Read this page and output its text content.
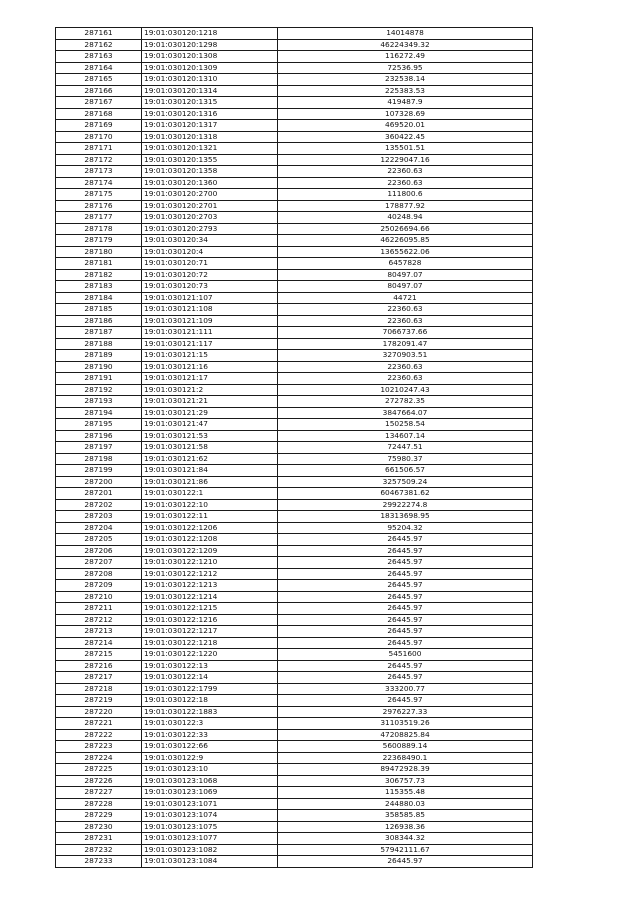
287161	19:01:030120:1218	14014878
287162	19:01:030120:1298	46224349.32
287163	19:01:030120:1308	116272.49
287164	19:01:030120:1309	72536.95
287165	19:01:030120:1310	232538.14
287166	19:01:030120:1314	225383.53
287167	19:01:030120:1315	419487.9
287168	19:01:030120:1316	107328.69
287169	19:01:030120:1317	469520.01
287170	19:01:030120:1318	360422.45
287171	19:01:030120:1321	135501.51
287172	19:01:030120:1355	12229047.16
287173	19:01:030120:1358	22360.63
287174	19:01:030120:1360	22360.63
287175	19:01:030120:2700	111800.6
287176	19:01:030120:2701	178877.92
287177	19:01:030120:2703	40248.94
287178	19:01:030120:2793	25026694.66
287179	19:01:030120:34	46226095.85
287180	19:01:030120:4	13655622.06
287181	19:01:030120:71	6457828
287182	19:01:030120:72	80497.07
287183	19:01:030120:73	80497.07
287184	19:01:030121:107	44721
287185	19:01:030121:108	22360.63
287186	19:01:030121:109	22360.63
287187	19:01:030121:111	7066737.66
287188	19:01:030121:117	1782091.47
287189	19:01:030121:15	3270903.51
287190	19:01:030121:16	22360.63
287191	19:01:030121:17	22360.63
287192	19:01:030121:2	10210247.43
287193	19:01:030121:21	272782.35
287194	19:01:030121:29	3847664.07
287195	19:01:030121:47	150258.54
287196	19:01:030121:53	134607.14
287197	19:01:030121:58	72447.51
287198	19:01:030121:62	75980.37
287199	19:01:030121:84	661506.57
287200	19:01:030121:86	3257509.24
287201	19:01:030122:1	60467381.62
287202	19:01:030122:10	29922274.8
287203	19:01:030122:11	18313698.95
287204	19:01:030122:1206	95204.32
287205	19:01:030122:1208	26445.97
287206	19:01:030122:1209	26445.97
287207	19:01:030122:1210	26445.97
287208	19:01:030122:1212	26445.97
287209	19:01:030122:1213	26445.97
287210	19:01:030122:1214	26445.97
287211	19:01:030122:1215	26445.97
287212	19:01:030122:1216	26445.97
287213	19:01:030122:1217	26445.97
287214	19:01:030122:1218	26445.97
287215	19:01:030122:1220	5451600
287216	19:01:030122:13	26445.97
287217	19:01:030122:14	26445.97
287218	19:01:030122:1799	333200.77
287219	19:01:030122:18	26445.97
287220	19:01:030122:1883	2976227.33
287221	19:01:030122:3	31103519.26
287222	19:01:030122:33	47208825.84
287223	19:01:030122:66	5600889.14
287224	19:01:030122:9	22368490.1
287225	19:01:030123:10	89472928.39
287226	19:01:030123:1068	306757.73
287227	19:01:030123:1069	115355.48
287228	19:01:030123:1071	244880.03
287229	19:01:030123:1074	358585.85
287230	19:01:030123:1075	126938.36
287231	19:01:030123:1077	308344.32
287232	19:01:030123:1082	57942111.67
287233	19:01:030123:1084	26445.97
